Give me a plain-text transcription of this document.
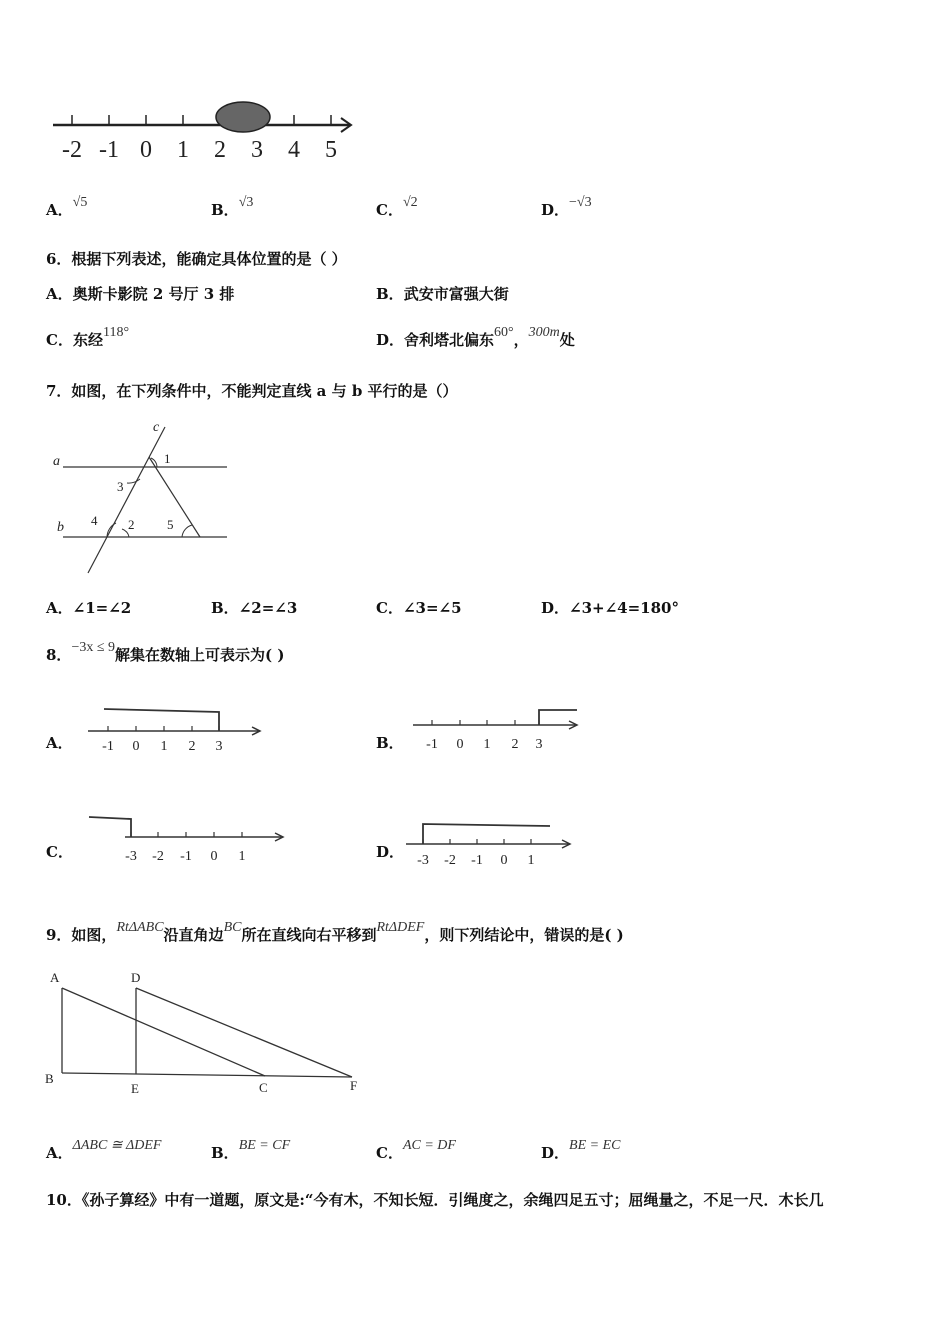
-2 -1 0 1 2 3 4 5
A．√5	B．√3	C．√2	D．−√3
6．根据下列表述，能确定具体位置的是（ ）
A．奥斯卡影院 2 号厅 3 排	B．武安市富强大街
C．东经118°	D．舍利塔北偏东60°，300m处
7．如图，在下列条件中，不能判定直线 a 与 b 平行的是（）
a
b
c
1
2
3
4	5
A．∠1=∠2	B．∠2=∠3	C．∠3=∠5	D．∠3+∠4=180°
8．−3x ≤ 9解集在数轴上可表示为( )
A． -1 0 1 2 3	B． -1 0 1 2 3
C．	-3 -2 -1 0 1	D． -3 -2 -1 0 1
9．如图，RtΔABC沿直角边BC所在直线向右平移到RtΔDEF，则下列结论中，错误的是( )
A
B
C
D
E	F
A．ΔABC ≅ ΔDEF	B．BE = CF	C．AC = DF	D．BE = EC
10．《孙子算经》中有一道题，原文是:“今有木，不知长短．引绳度之，余绳四足五寸；屈绳量之，不足一尺．木长几
